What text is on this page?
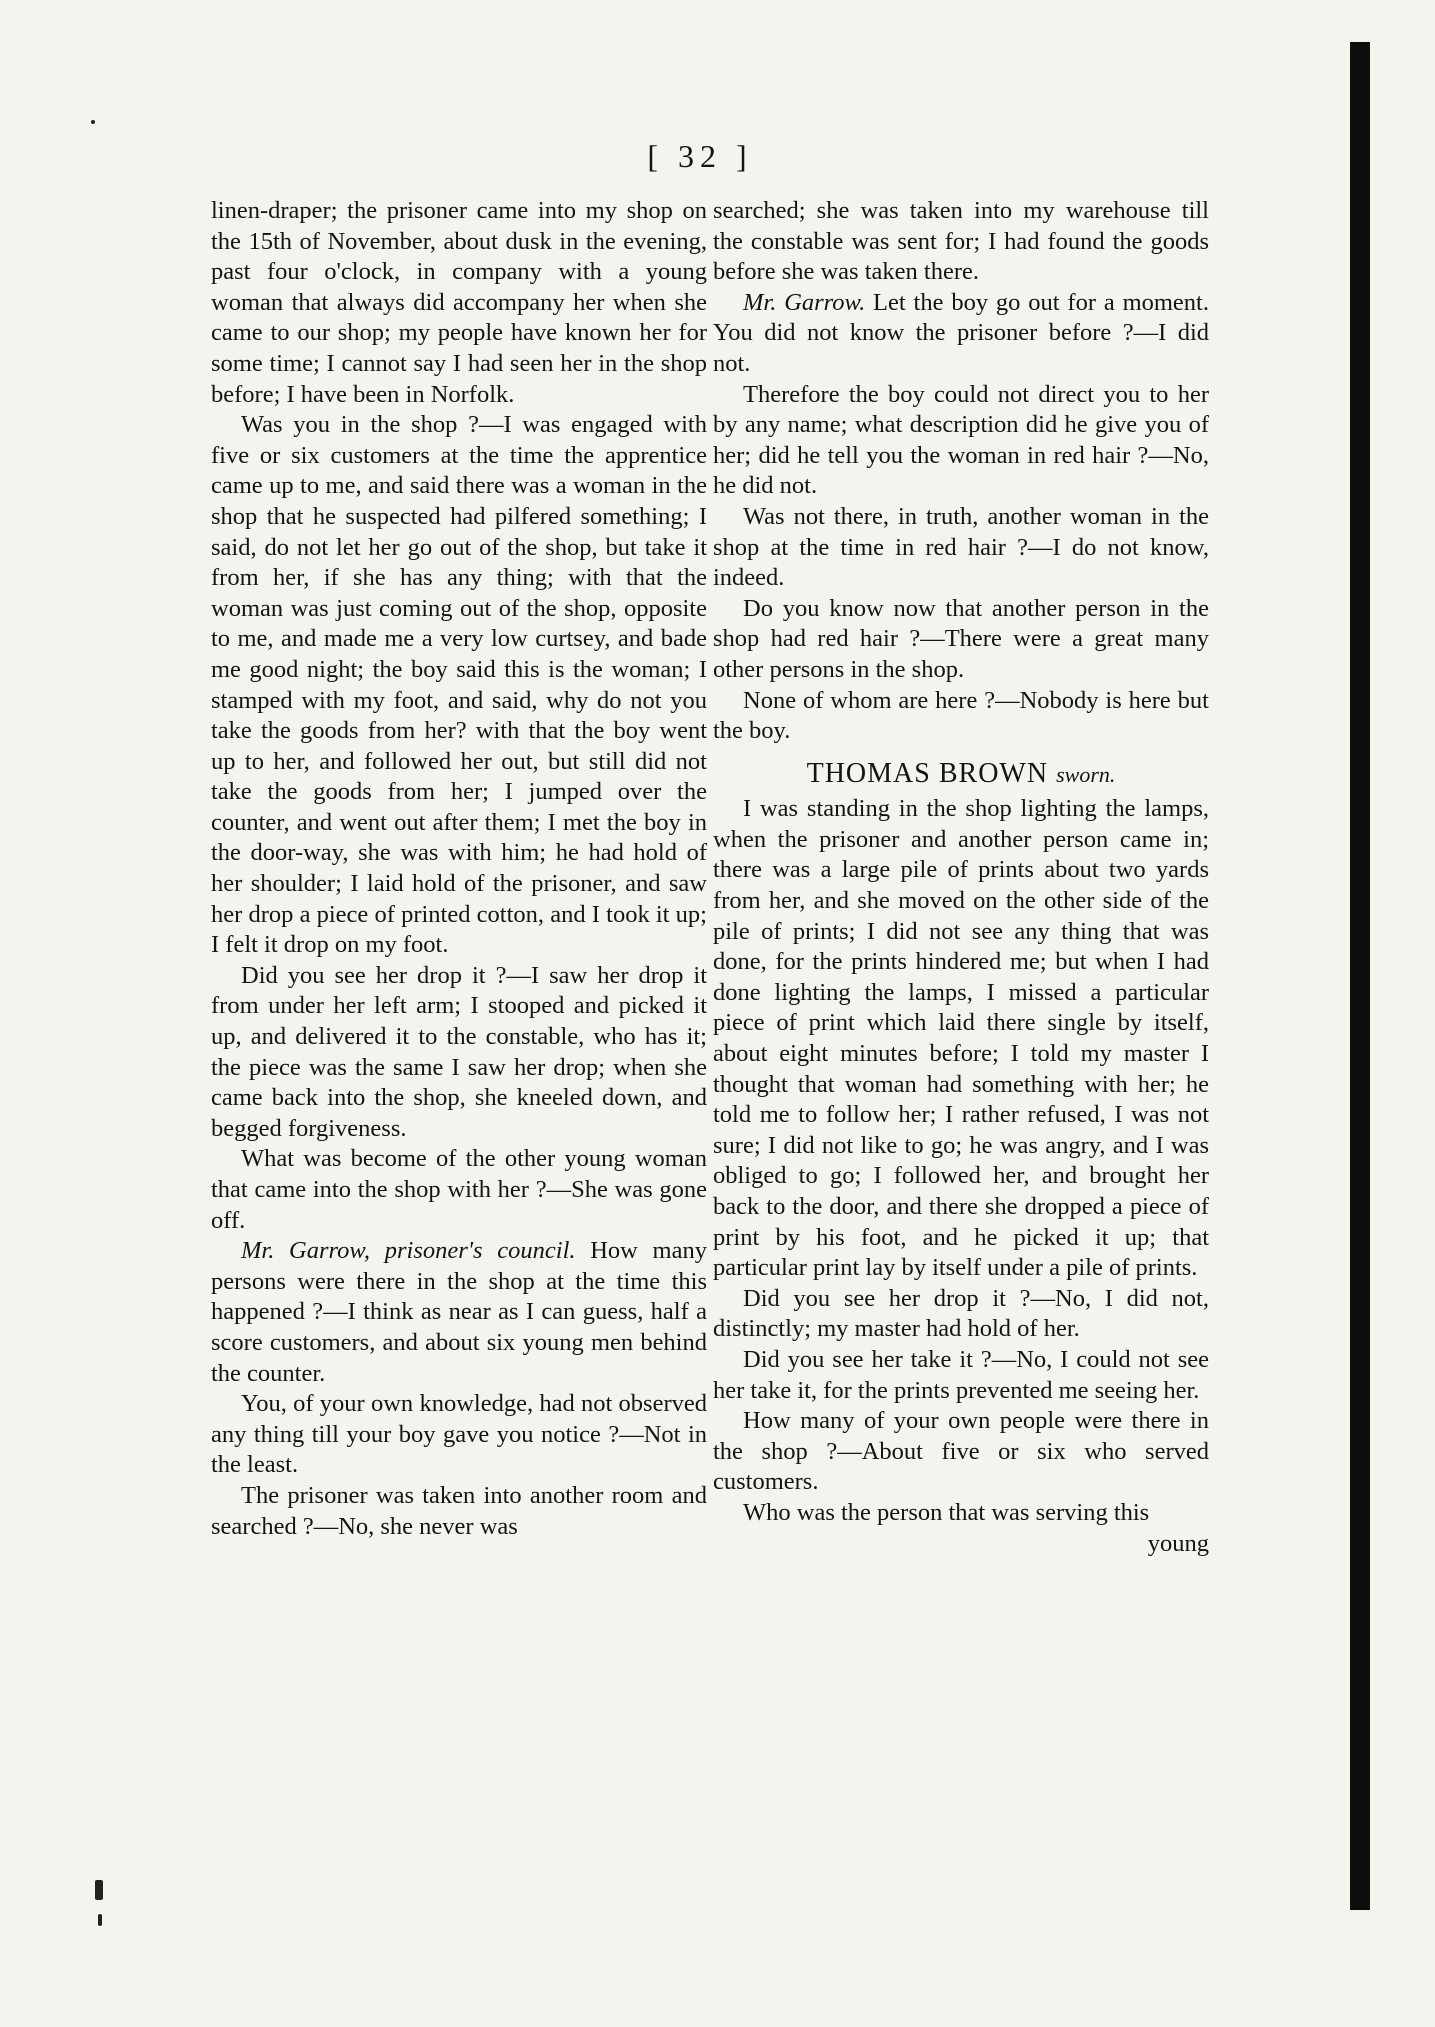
[ 32 ]

linen-draper; the prisoner came into my shop on the 15th of November, about dusk in the evening, past four o'clock, in company with a young woman that always did accompany her when she came to our shop; my people have known her for some time; I cannot say I had seen her in the shop before; I have been in Norfolk.

Was you in the shop ?—I was engaged with five or six customers at the time the apprentice came up to me, and said there was a woman in the shop that he suspected had pilfered something; I said, do not let her go out of the shop, but take it from her, if she has any thing; with that the woman was just coming out of the shop, opposite to me, and made me a very low curtsey, and bade me good night; the boy said this is the woman; I stamped with my foot, and said, why do not you take the goods from her? with that the boy went up to her, and followed her out, but still did not take the goods from her; I jumped over the counter, and went out after them; I met the boy in the door-way, she was with him; he had hold of her shoulder; I laid hold of the prisoner, and saw her drop a piece of printed cotton, and I took it up; I felt it drop on my foot.

Did you see her drop it ?—I saw her drop it from under her left arm; I stooped and picked it up, and delivered it to the constable, who has it; the piece was the same I saw her drop; when she came back into the shop, she kneeled down, and begged forgiveness.

What was become of the other young woman that came into the shop with her ?—She was gone off.

Mr. Garrow, prisoner's council. How many persons were there in the shop at the time this happened ?—I think as near as I can guess, half a score customers, and about six young men behind the counter.

You, of your own knowledge, had not observed any thing till your boy gave you notice ?—Not in the least.

The prisoner was taken into another room and searched ?—No, she never was

searched; she was taken into my warehouse till the constable was sent for; I had found the goods before she was taken there.

Mr. Garrow. Let the boy go out for a moment. You did not know the prisoner before ?—I did not.

Therefore the boy could not direct you to her by any name; what description did he give you of her; did he tell you the woman in red hair ?—No, he did not.

Was not there, in truth, another woman in the shop at the time in red hair ?—I do not know, indeed.

Do you know now that another person in the shop had red hair ?—There were a great many other persons in the shop.

None of whom are here ?—Nobody is here but the boy.

THOMAS BROWN sworn.

I was standing in the shop lighting the lamps, when the prisoner and another person came in; there was a large pile of prints about two yards from her, and she moved on the other side of the pile of prints; I did not see any thing that was done, for the prints hindered me; but when I had done lighting the lamps, I missed a particular piece of print which laid there single by itself, about eight minutes before; I told my master I thought that woman had something with her; he told me to follow her; I rather refused, I was not sure; I did not like to go; he was angry, and I was obliged to go; I followed her, and brought her back to the door, and there she dropped a piece of print by his foot, and he picked it up; that particular print lay by itself under a pile of prints.

Did you see her drop it ?—No, I did not, distinctly; my master had hold of her.

Did you see her take it ?—No, I could not see her take it, for the prints prevented me seeing her.

How many of your own people were there in the shop ?—About five or six who served customers.

Who was the person that was serving this

young
